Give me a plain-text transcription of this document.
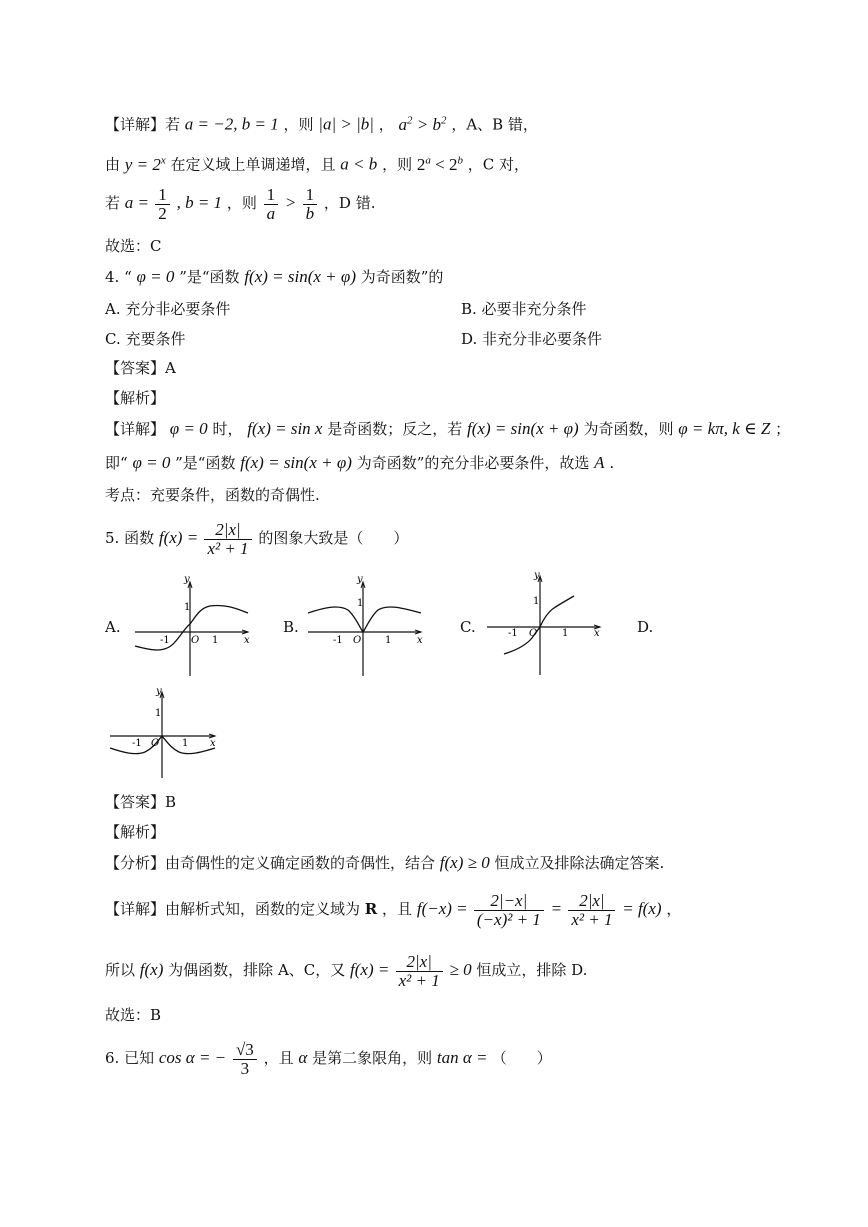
【详解】若 a = −2, b = 1 ，则 |a| > |b| ， $a^2 > b^2$ ，A、B 错，
由 $y = 2^x$ 在定义域上单调递增，且 a < b ，则 $2^a < 2^b$ ，C 对，
若 $a = \frac{1}{2}$ , b = 1 ，则 $\frac{1}{a} > \frac{1}{b}$ ，D 错.
故选：C
4. “ φ = 0 ”是“函数 f(x) = sin(x + φ) 为奇函数”的
A. 充分非必要条件	B. 必要非充分条件
C. 充要条件	D. 非充分非必要条件
【答案】A
【解析】
【详解】 φ = 0 时， f(x) = sin x 是奇函数；反之，若 f(x) = sin(x + φ) 为奇函数，则 φ = kπ, k ∈ Z ；
即“ φ = 0 ”是“函数 f(x) = sin(x + φ) 为奇函数”的充分非必要条件，故选 A .
考点：充要条件，函数的奇偶性.
5. 函数 $f(x) = \frac{2|x|}{\text{x² + 1}}$ 的图象大致是（　　）
A.	B.	C.	D.
y
x
O
1
1
-1
y
x
O
1
1
-1
y
x
O
1
1
-1
y
x
O
1
1
-1
【答案】B
【解析】
【分析】由奇偶性的定义确定函数的奇偶性，结合 f(x) ≥ 0 恒成立及排除法确定答案.
【详解】由解析式知，函数的定义域为 R ，且 $f(-x) = \frac{2|-x|}{\text{(−x)² + 1}} = \frac{2|x|}{\text{x² + 1}} = f(x)$ ，
所以 f(x) 为偶函数，排除 A、C，又 $f(x) = \frac{2|x|}{\text{x² + 1}} \ge 0$ 恒成立，排除 D.
故选：B
6. 已知 cos α = − $\frac{√3}{3}$ ，且 α 是第二象限角，则 tan α = （　　）
